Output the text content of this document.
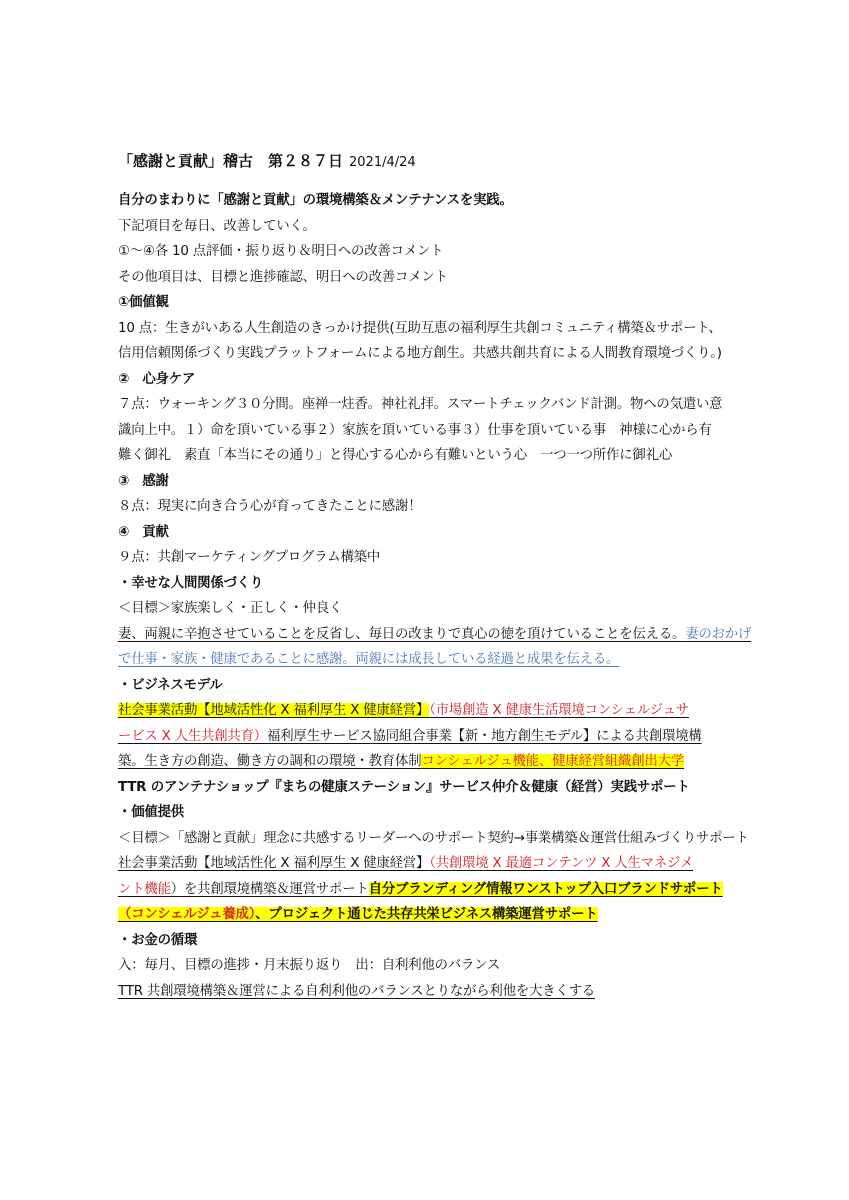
「感謝と貢献」稽古　第２８７日 2021/4/24
自分のまわりに「感謝と貢献」の環境構築＆メンテナンスを実践。
下記項目を毎日、改善していく。
①～④各 10 点評価・振り返り＆明日への改善コメント
その他項目は、目標と進捗確認、明日への改善コメント
①価値観
10 点：生きがいある人生創造のきっかけ提供(互助互恵の福利厚生共創コミュニティ構築＆サポート、
信用信頼関係づくり実践プラットフォームによる地方創生。共感共創共育による人間教育環境づくり。)
②　心身ケア
７点：ウォーキング３０分間。座禅一炷香。神社礼拝。スマートチェックバンド計測。物への気遣い意
識向上中。１）命を頂いている事２）家族を頂いている事３）仕事を頂いている事　神様に心から有
難く御礼　素直「本当にその通り」と得心する心から有難いという心　一つ一つ所作に御礼心
③　感謝
８点：現実に向き合う心が育ってきたことに感謝！
④　貢献
９点：共創マーケティングプログラム構築中
・幸せな人間関係づくり
＜目標＞家族楽しく・正しく・仲良く
妻、両親に辛抱させていることを反省し、毎日の改まりで真心の徳を頂けていることを伝える。妻のおかげ
で仕事・家族・健康であることに感謝。両親には成長している経過と成果を伝える。
・ビジネスモデル
社会事業活動【地域活性化 X 福利厚生 X 健康経営】（市場創造 X 健康生活環境コンシェルジュサ
ービス X 人生共創共育）福利厚生サービス協同組合事業【新・地方創生モデル】による共創環境構
築。生き方の創造、働き方の調和の環境・教育体制コンシェルジュ機能、健康経営組織創出大学
TTR のアンテナショップ『まちの健康ステーション』サービス仲介＆健康（経営）実践サポート
・価値提供
＜目標＞「感謝と貢献」理念に共感するリーダーへのサポート契約→事業構築＆運営仕組みづくりサポート
社会事業活動【地域活性化 X 福利厚生 X 健康経営】（共創環境 X 最適コンテンツ X 人生マネジメ
ント機能）を共創環境構築＆運営サポート自分ブランディング情報ワンストップ入口ブランドサポート
（コンシェルジュ養成）、プロジェクト通じた共存共栄ビジネス構築運営サポート
・お金の循環
入：毎月、目標の進捗・月末振り返り　出：自利利他のバランス
TTR 共創環境構築＆運営による自利利他のバランスとりながら利他を大きくする
